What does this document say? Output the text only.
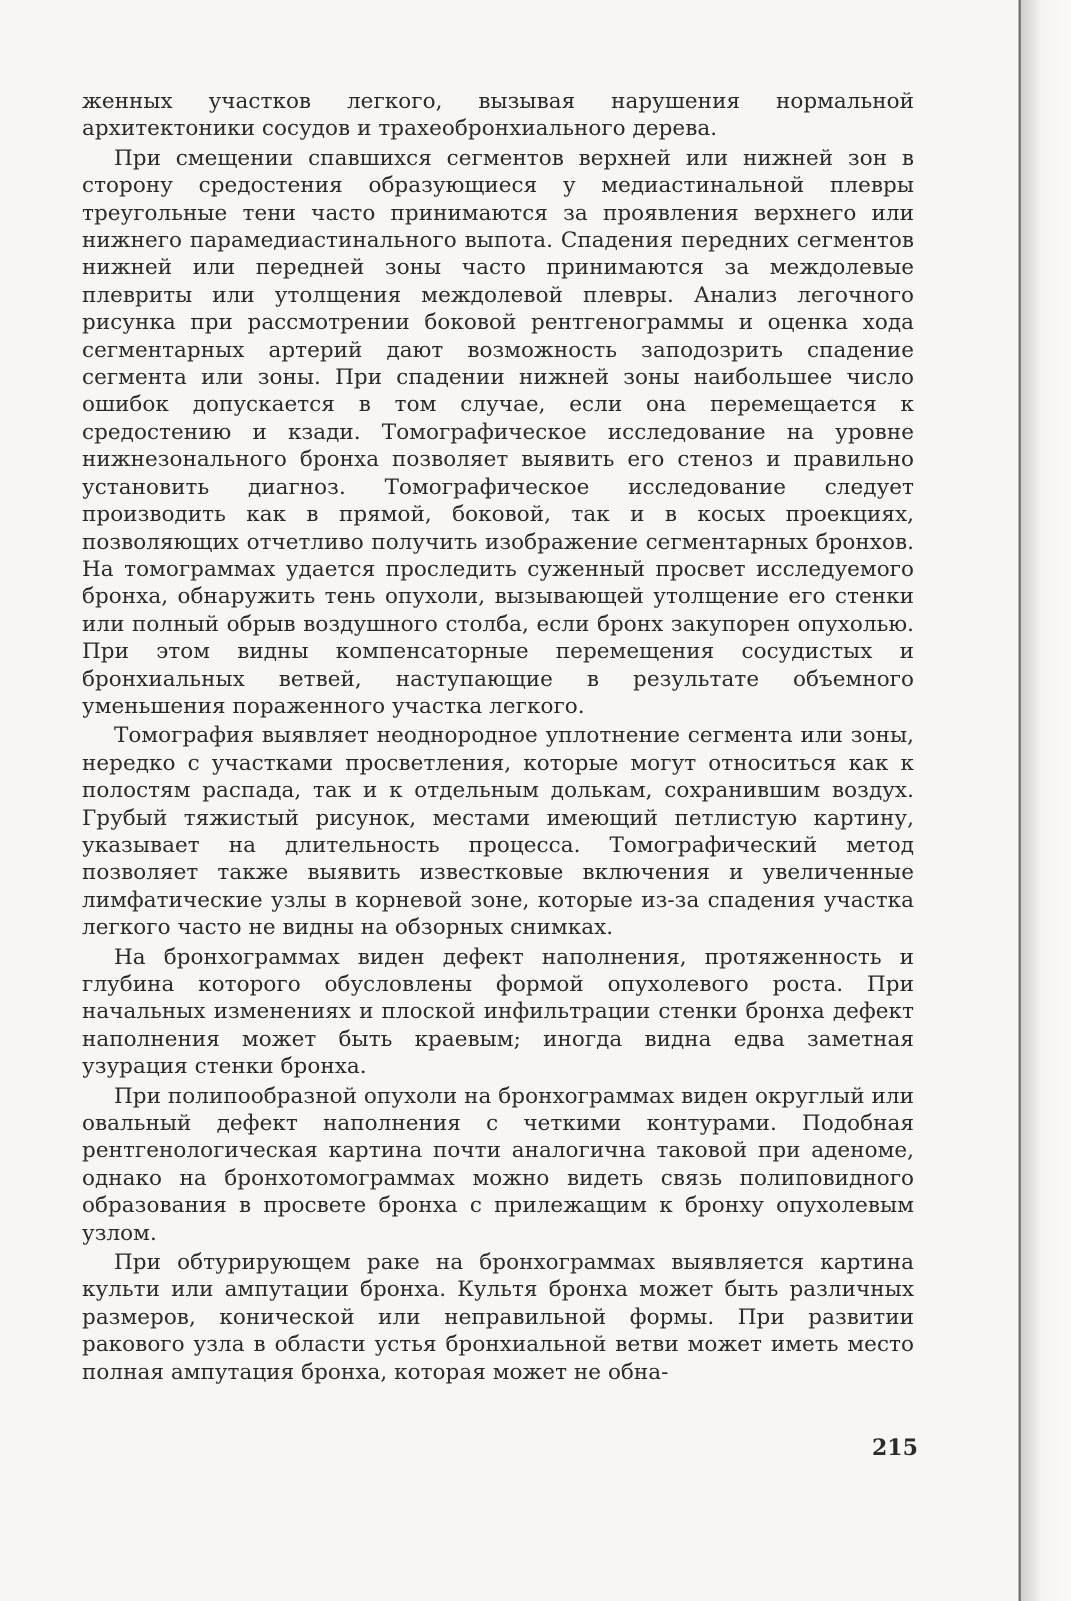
женных участков легкого, вызывая нарушения нормальной архитектоники сосудов и трахеобронхиального дерева.

При смещении спавшихся сегментов верхней или нижней зон в сторону средостения образующиеся у медиастинальной плевры треугольные тени часто принимаются за проявления верхнего или нижнего парамедиастинального выпота. Спадения передних сегментов нижней или передней зоны часто принимаются за междолевые плевриты или утолщения междолевой плевры. Анализ легочного рисунка при рассмотрении боковой рентгенограммы и оценка хода сегментарных артерий дают возможность заподозрить спадение сегмента или зоны. При спадении нижней зоны наибольшее число ошибок допускается в том случае, если она перемещается к средостению и кзади. Томографическое исследование на уровне нижнезонального бронха позволяет выявить его стеноз и правильно установить диагноз. Томографическое исследование следует производить как в прямой, боковой, так и в косых проекциях, позволяющих отчетливо получить изображение сегментарных бронхов. На томограммах удается проследить суженный просвет исследуемого бронха, обнаружить тень опухоли, вызывающей утолщение его стенки или полный обрыв воздушного столба, если бронх закупорен опухолью. При этом видны компенсаторные перемещения сосудистых и бронхиальных ветвей, наступающие в результате объемного уменьшения пораженного участка легкого.

Томография выявляет неоднородное уплотнение сегмента или зоны, нередко с участками просветления, которые могут относиться как к полостям распада, так и к отдельным долькам, сохранившим воздух. Грубый тяжистый рисунок, местами имеющий петлистую картину, указывает на длительность процесса. Томографический метод позволяет также выявить известковые включения и увеличенные лимфатические узлы в корневой зоне, которые из-за спадения участка легкого часто не видны на обзорных снимках.

На бронхограммах виден дефект наполнения, протяженность и глубина которого обусловлены формой опухолевого роста. При начальных изменениях и плоской инфильтрации стенки бронха дефект наполнения может быть краевым; иногда видна едва заметная узурация стенки бронха.

При полипообразной опухоли на бронхограммах виден округлый или овальный дефект наполнения с четкими контурами. Подобная рентгенологическая картина почти аналогична таковой при аденоме, однако на бронхотомограммах можно видеть связь полиповидного образования в просвете бронха с прилежащим к бронху опухолевым узлом.

При обтурирующем раке на бронхограммах выявляется картина культи или ампутации бронха. Культя бронха может быть различных размеров, конической или неправильной формы. При развитии ракового узла в области устья бронхиальной ветви может иметь место полная ампутация бронха, которая может не обна-

215
